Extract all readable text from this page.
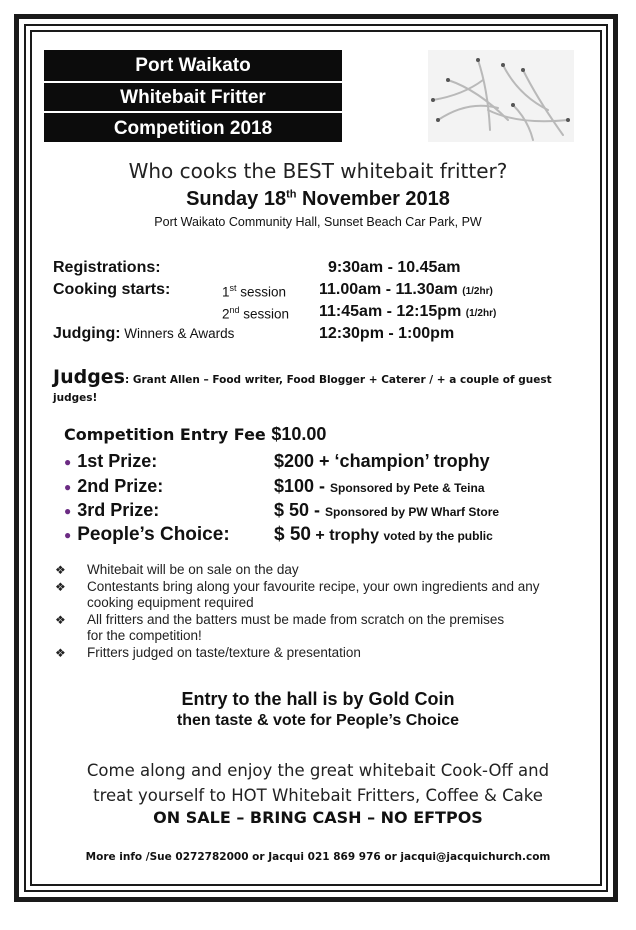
Port Waikato
Whitebait Fritter
Competition 2018
Who cooks the BEST whitebait fritter?
Sunday 18th November 2018
Port Waikato Community Hall, Sunset Beach Car Park, PW
Registrations:	9:30am - 10.45am
Cooking starts:	1st session 11.00am - 11.30am (1/2hr)
2nd session 11:45am - 12:15pm (1/2hr)
Judging: Winners & Awards	12:30pm - 1:00pm
Judges: Grant Allen – Food writer, Food Blogger + Caterer / + a couple of guest judges!
Competition Entry Fee $10.00
● 1st Prize:	$200 + ‘champion’ trophy
● 2nd Prize:	$100 - Sponsored by Pete & Teina
● 3rd Prize:	$ 50 - Sponsored by PW Wharf Store
● People’s Choice: $ 50 + trophy voted by the public
❖ Whitebait will be on sale on the day
❖ Contestants bring along your favourite recipe, your own ingredients and any cooking equipment required
❖ All fritters and the batters must be made from scratch on the premises for the competition!
❖ Fritters judged on taste/texture & presentation
Entry to the hall is by Gold Coin
then taste & vote for People’s Choice
Come along and enjoy the great whitebait Cook-Off and
treat yourself to HOT Whitebait Fritters, Coffee & Cake
ON SALE – BRING CASH – NO EFTPOS
More info /Sue 0272782000 or Jacqui 021 869 976 or jacqui@jacquichurch.com
